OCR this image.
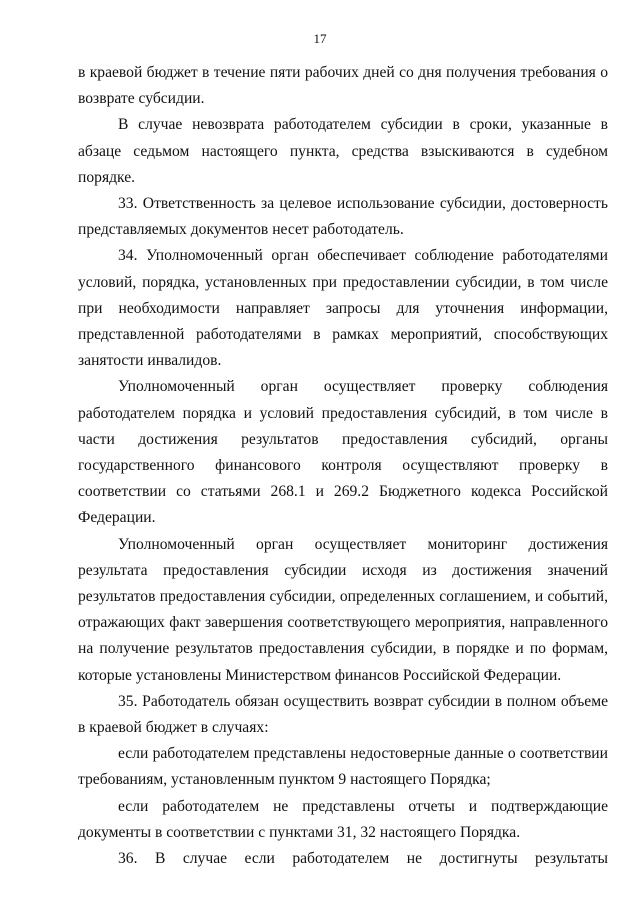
17

в краевой бюджет в течение пяти рабочих дней со дня получения требования о возврате субсидии.

В случае невозврата работодателем субсидии в сроки, указанные в абзаце седьмом настоящего пункта, средства взыскиваются в судебном порядке.

33. Ответственность за целевое использование субсидии, достоверность представляемых документов несет работодатель.

34. Уполномоченный орган обеспечивает соблюдение работодателями условий, порядка, установленных при предоставлении субсидии, в том числе при необходимости направляет запросы для уточнения информации, представленной работодателями в рамках мероприятий, способствующих занятости инвалидов.

Уполномоченный орган осуществляет проверку соблюдения работодателем порядка и условий предоставления субсидий, в том числе в части достижения результатов предоставления субсидий, органы государственного финансового контроля осуществляют проверку в соответствии со статьями 268.1 и 269.2 Бюджетного кодекса Российской Федерации.

Уполномоченный орган осуществляет мониторинг достижения результата предоставления субсидии исходя из достижения значений результатов предоставления субсидии, определенных соглашением, и событий, отражающих факт завершения соответствующего мероприятия, направленного на получение результатов предоставления субсидии, в порядке и по формам, которые установлены Министерством финансов Российской Федерации.

35. Работодатель обязан осуществить возврат субсидии в полном объеме в краевой бюджет в случаях:

если работодателем представлены недостоверные данные о соответствии требованиям, установленным пунктом 9 настоящего Порядка;

если работодателем не представлены отчеты и подтверждающие документы в соответствии с пунктами 31, 32 настоящего Порядка.

36. В случае если работодателем не достигнуты результаты
